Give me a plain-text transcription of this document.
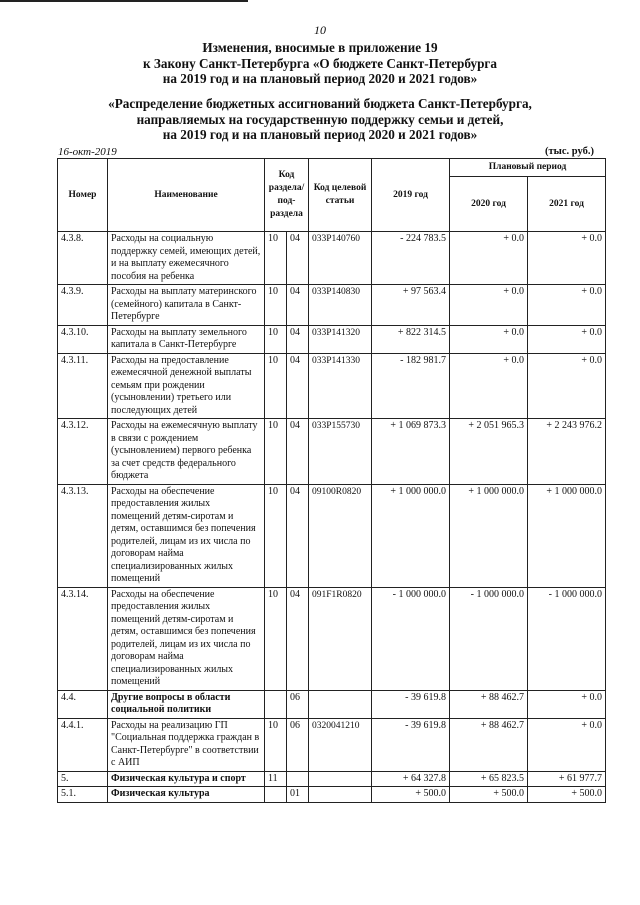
10
Изменения, вносимые в приложение 19
к Закону Санкт-Петербурга «О бюджете Санкт-Петербурга
на 2019 год и на плановый период 2020 и 2021 годов»
«Распределение бюджетных ассигнований бюджета Санкт-Петербурга,
направляемых на государственную поддержку семьи и детей,
на 2019 год и на плановый период 2020 и 2021 годов»
16-окт-2019	(тыс. руб.)
Номер	Наименование	Код раздела/ под- раздела		Код целевой статьи	2019 год	Плановый период	
						2020 год	2021 год
4.3.8.	Расходы на социальную поддержку семей, имеющих детей, и на выплату ежемесячного пособия на ребенка	10	04	033P140760	- 224 783.5	+ 0.0	+ 0.0
4.3.9.	Расходы на выплату материнского (семейного) капитала в Санкт-Петербурге	10	04	033P140830	+ 97 563.4	+ 0.0	+ 0.0
4.3.10.	Расходы на выплату земельного капитала в Санкт-Петербурге	10	04	033P141320	+ 822 314.5	+ 0.0	+ 0.0
4.3.11.	Расходы на предоставление ежемесячной денежной выплаты семьям при рождении (усыновлении) третьего или последующих детей	10	04	033P141330	- 182 981.7	+ 0.0	+ 0.0
4.3.12.	Расходы на ежемесячную выплату в связи с рождением (усыновлением) первого ребенка за счет средств федерального бюджета	10	04	033P155730	+ 1 069 873.3	+ 2 051 965.3	+ 2 243 976.2
4.3.13.	Расходы на обеспечение предоставления жилых помещений детям-сиротам и детям, оставшимся без попечения родителей, лицам из их числа по договорам найма специализированных жилых помещений	10	04	09100R0820	+ 1 000 000.0	+ 1 000 000.0	+ 1 000 000.0
4.3.14.	Расходы на обеспечение предоставления жилых помещений детям-сиротам и детям, оставшимся без попечения родителей, лицам из их числа по договорам найма специализированных жилых помещений	10	04	091F1R0820	- 1 000 000.0	- 1 000 000.0	- 1 000 000.0
4.4.	Другие вопросы в области социальной политики		06		- 39 619.8	+ 88 462.7	+ 0.0
4.4.1.	Расходы на реализацию ГП "Социальная поддержка граждан в Санкт-Петербурге" в соответствии с АИП	10	06	0320041210	- 39 619.8	+ 88 462.7	+ 0.0
5.	Физическая культура и спорт	11			+ 64 327.8	+ 65 823.5	+ 61 977.7
5.1.	Физическая культура		01		+ 500.0	+ 500.0	+ 500.0
